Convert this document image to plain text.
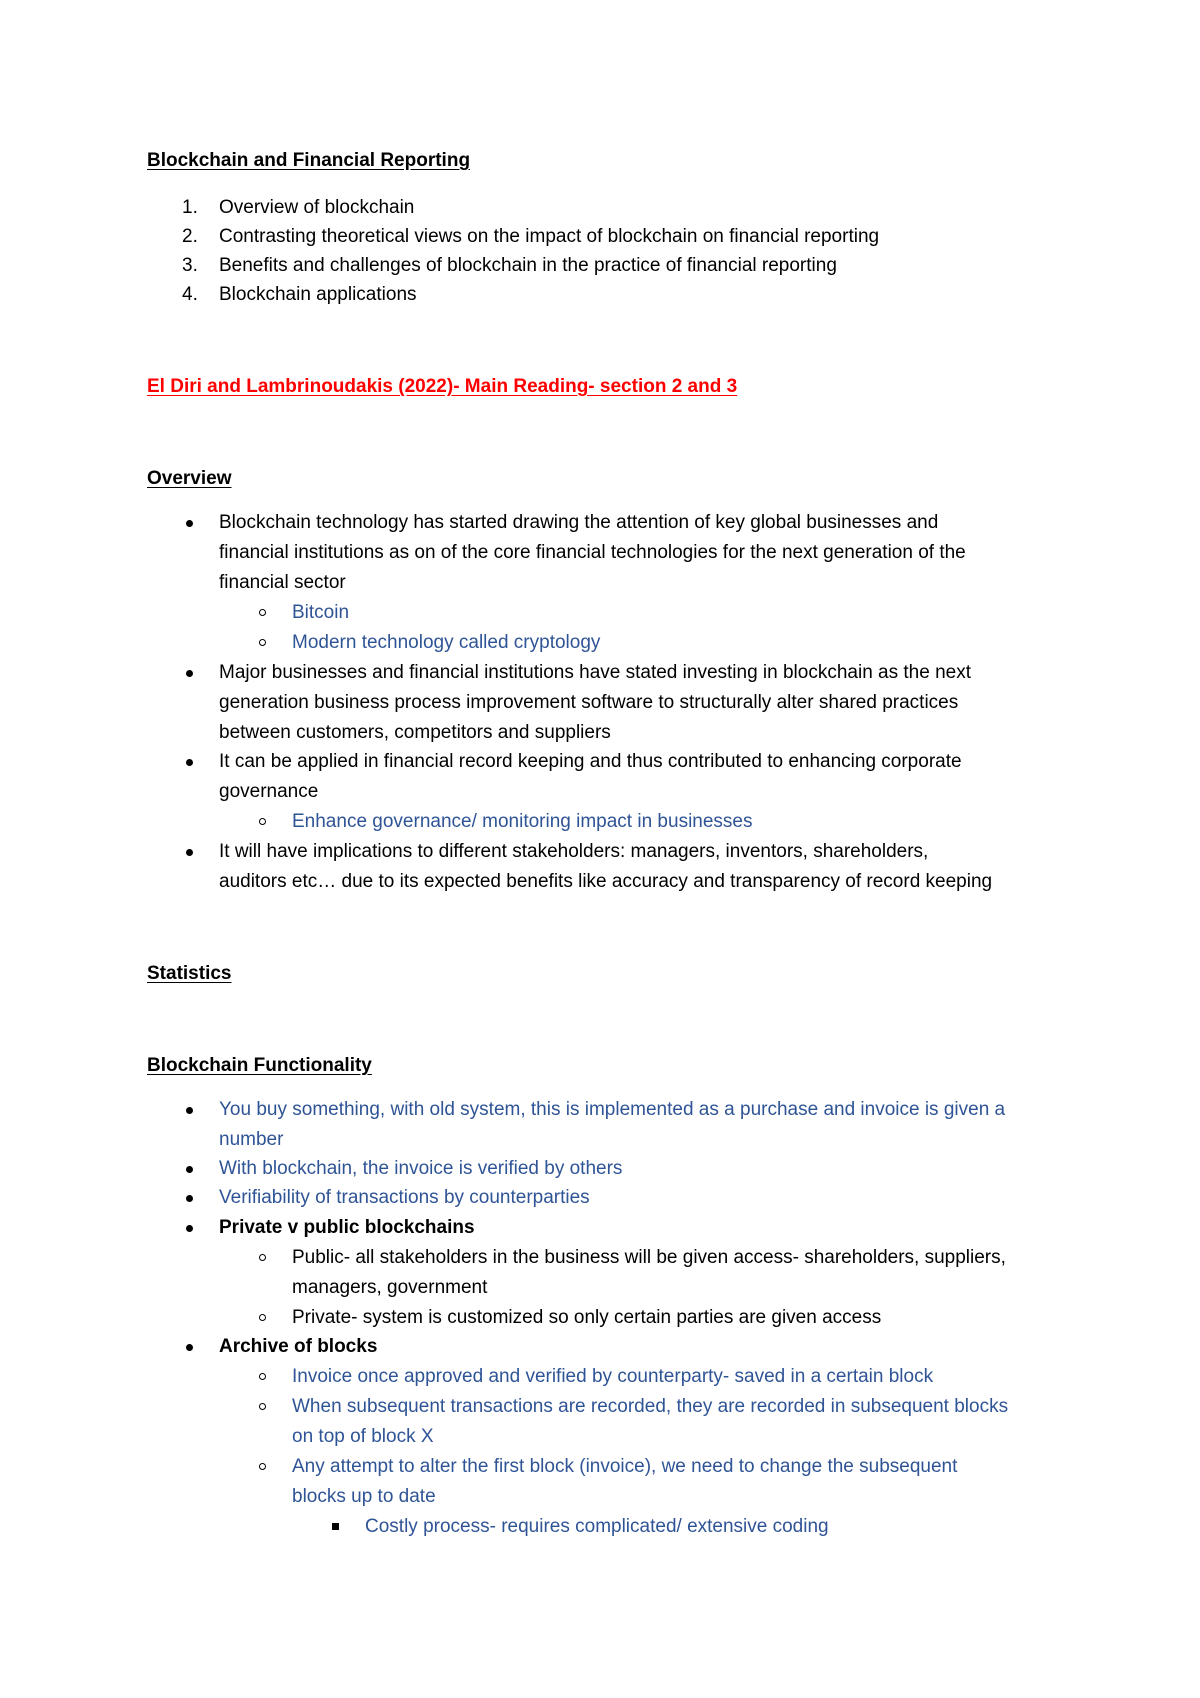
Blockchain and Financial Reporting
1. Overview of blockchain
2. Contrasting theoretical views on the impact of blockchain on financial reporting
3. Benefits and challenges of blockchain in the practice of financial reporting
4. Blockchain applications
El Diri and Lambrinoudakis (2022)- Main Reading- section 2 and 3
Overview
Blockchain technology has started drawing the attention of key global businesses and
financial institutions as on of the core financial technologies for the next generation of the
financial sector
Bitcoin
Modern technology called cryptology
Major businesses and financial institutions have stated investing in blockchain as the next
generation business process improvement software to structurally alter shared practices
between customers, competitors and suppliers
It can be applied in financial record keeping and thus contributed to enhancing corporate
governance
Enhance governance/ monitoring impact in businesses
It will have implications to different stakeholders: managers, inventors, shareholders,
auditors etc… due to its expected benefits like accuracy and transparency of record keeping
Statistics
Blockchain Functionality
You buy something, with old system, this is implemented as a purchase and invoice is given a
number
With blockchain, the invoice is verified by others
Verifiability of transactions by counterparties
Private v public blockchains
Public- all stakeholders in the business will be given access- shareholders, suppliers,
managers, government
Private- system is customized so only certain parties are given access
Archive of blocks
Invoice once approved and verified by counterparty- saved in a certain block
When subsequent transactions are recorded, they are recorded in subsequent blocks
on top of block X
Any attempt to alter the first block (invoice), we need to change the subsequent
blocks up to date
Costly process- requires complicated/ extensive coding
